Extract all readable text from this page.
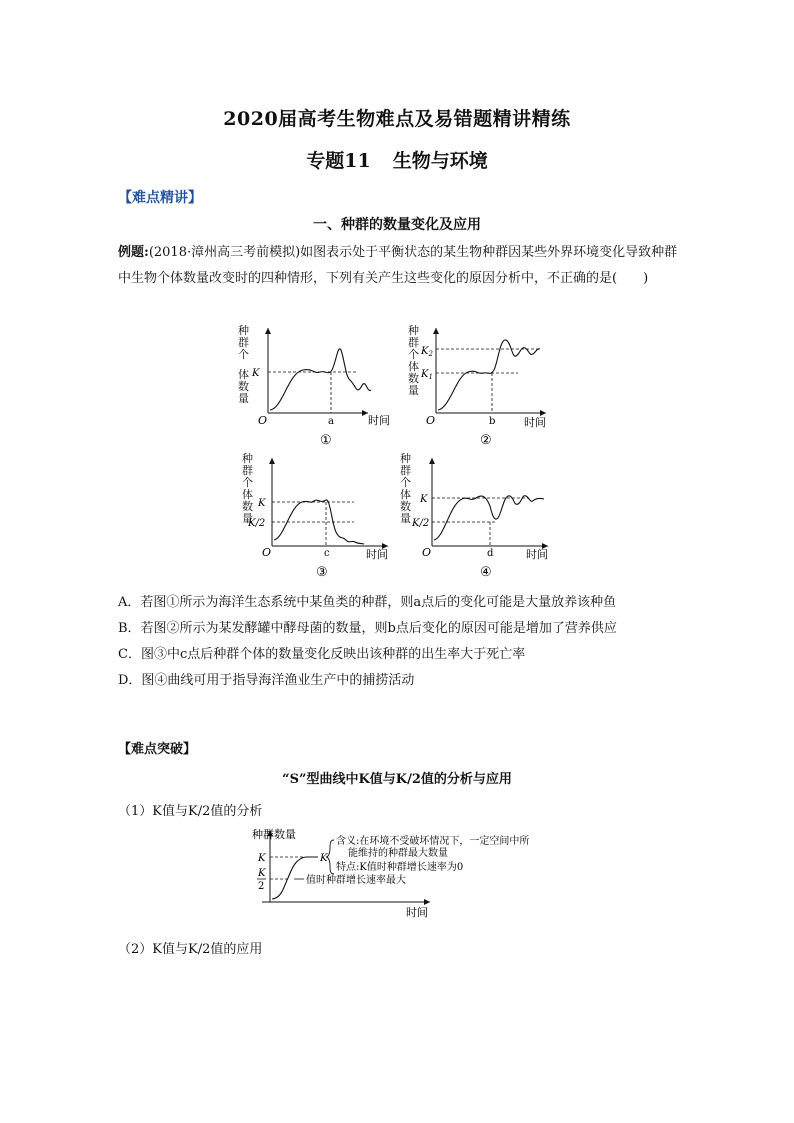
2020届高考生物难点及易错题精讲精练
专题11 生物与环境
【难点精讲】
一、种群的数量变化及应用
例题:(2018·漳州高三考前模拟)如图表示处于平衡状态的某生物种群因某些外界环境变化导致种群中生物个体数量改变时的四种情形，下列有关产生这些变化的原因分析中，不正确的是(　　)
种
群
个
体
数
量
O	时间
K
a
①
种
群
个
体
数
量
O	时间
$K_2$
$K_1$
b
②
种
群
个
体
数
量
O	时间
K
K/2
c
③
种
群
个
体
数
量
O	时间
K
K/2
d
④
A．若图①所示为海洋生态系统中某鱼类的种群，则a点后的变化可能是大量放养该种鱼
B．若图②所示为某发酵罐中酵母菌的数量，则b点后变化的原因可能是增加了营养供应
C．图③中c点后种群个体的数量变化反映出该种群的出生率大于死亡率
D．图④曲线可用于指导海洋渔业生产中的捕捞活动
【难点突破】
“S”型曲线中K值与K/2值的分析与应用
（1）K值与K/2值的分析
种群数量
时间
K
K
2
K
含义:在环境不受破坏情况下，一定空间中所
能维持的种群最大数量
特点:K值时种群增长速率为0
值时种群增长速率最大
（2）K值与K/2值的应用
